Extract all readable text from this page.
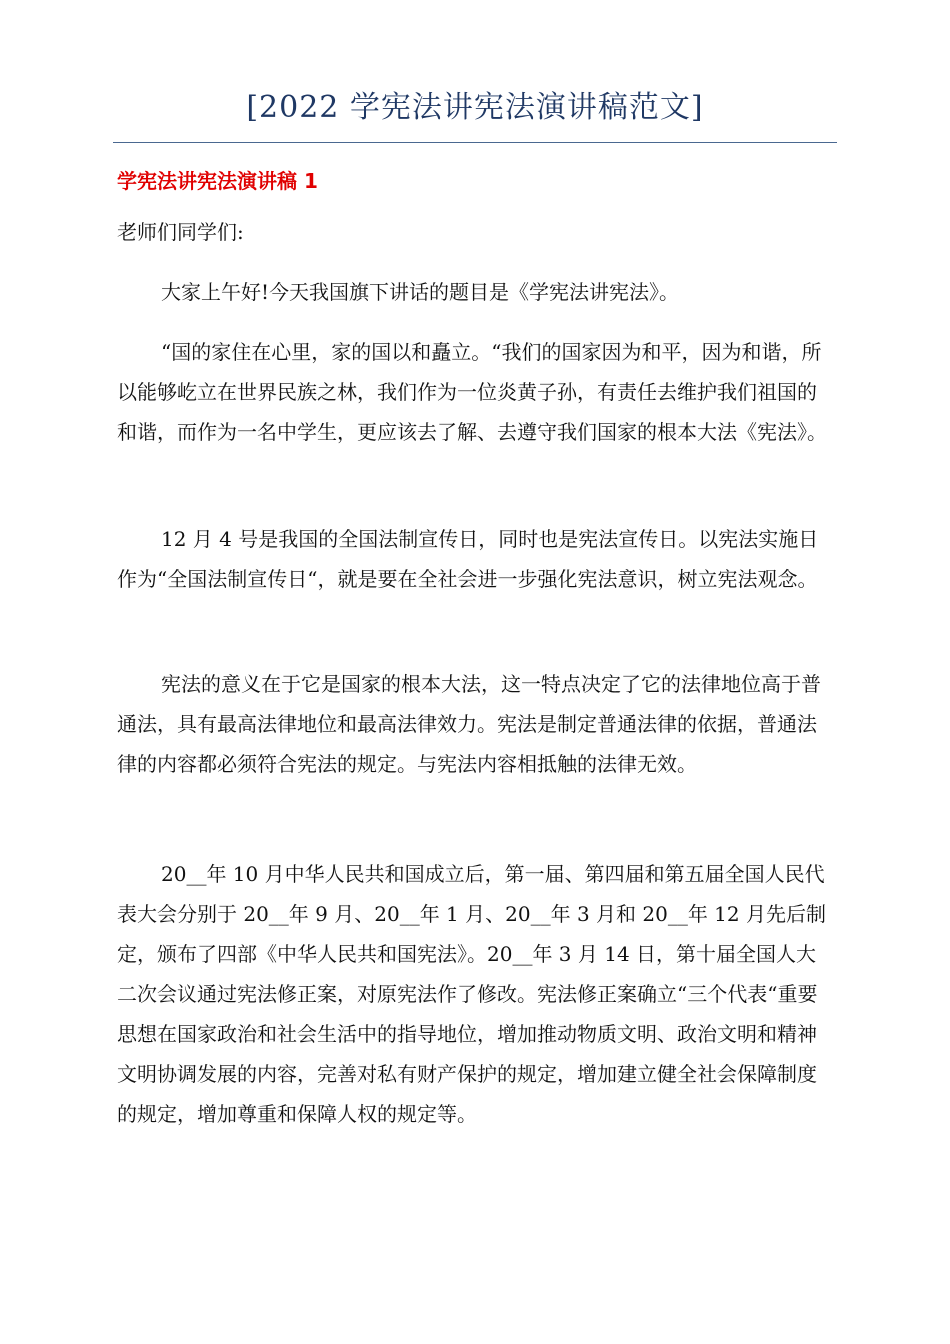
[2022 学宪法讲宪法演讲稿范文]
学宪法讲宪法演讲稿 1
老师们同学们:
大家上午好!今天我国旗下讲话的题目是《学宪法讲宪法》。
“国的家住在心里，家的国以和矗立。“我们的国家因为和平，因为和谐，所以能够屹立在世界民族之林，我们作为一位炎黄子孙，有责任去维护我们祖国的和谐，而作为一名中学生，更应该去了解、去遵守我们国家的根本大法《宪法》。
12 月 4 号是我国的全国法制宣传日，同时也是宪法宣传日。以宪法实施日作为“全国法制宣传日“，就是要在全社会进一步强化宪法意识，树立宪法观念。
宪法的意义在于它是国家的根本大法，这一特点决定了它的法律地位高于普通法，具有最高法律地位和最高法律效力。宪法是制定普通法律的依据，普通法律的内容都必须符合宪法的规定。与宪法内容相抵触的法律无效。
20__年 10 月中华人民共和国成立后，第一届、第四届和第五届全国人民代表大会分别于 20__年 9 月、20__年 1 月、20__年 3 月和 20__年 12 月先后制定，颁布了四部《中华人民共和国宪法》。20__年 3 月 14 日，第十届全国人大二次会议通过宪法修正案，对原宪法作了修改。宪法修正案确立“三个代表“重要思想在国家政治和社会生活中的指导地位，增加推动物质文明、政治文明和精神文明协调发展的内容，完善对私有财产保护的规定，增加建立健全社会保障制度的规定，增加尊重和保障人权的规定等。
